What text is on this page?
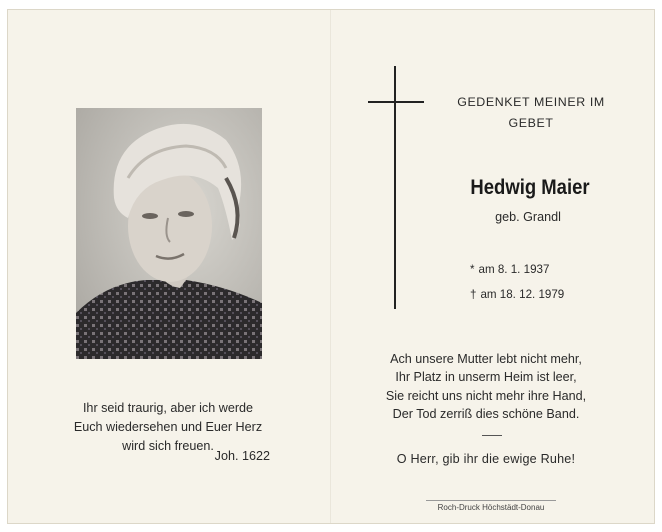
Ihr seid traurig, aber ich werde
Euch wiedersehen und Euer Herz
wird sich freuen.
Joh. 1622
GEDENKET MEINER IM
GEBET
Hedwig Maier
geb. Grandl
* am 8. 1. 1937
† am 18. 12. 1979
Ach unsere Mutter lebt nicht mehr,
Ihr Platz in unserm Heim ist leer,
Sie reicht uns nicht mehr ihre Hand,
Der Tod zerriß dies schöne Band.
O Herr, gib ihr die ewige Ruhe!
Roch-Druck Höchstädt-Donau
